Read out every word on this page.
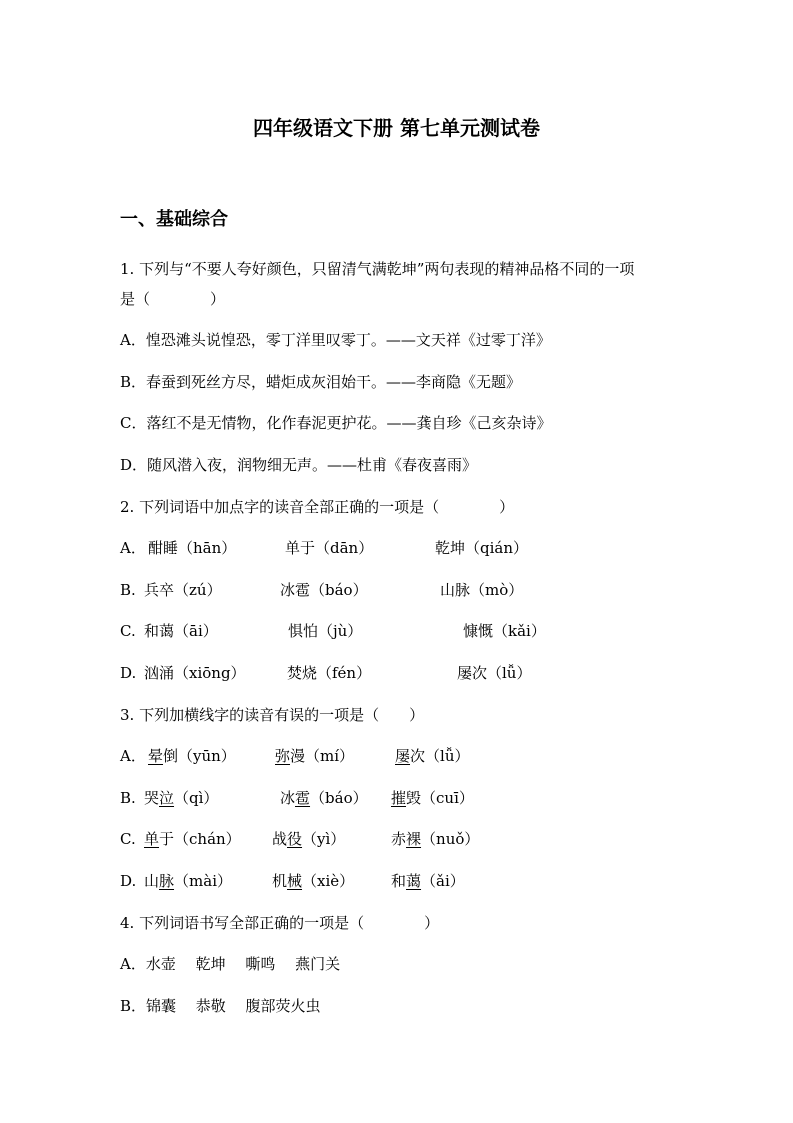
四年级语文下册 第七单元测试卷
一、基础综合
1. 下列与“不要人夸好颜色，只留清气满乾坤”两句表现的精神品格不同的一项
是（　　　　）
A．惶恐滩头说惶恐，零丁洋里叹零丁。——文天祥《过零丁洋》
B．春蚕到死丝方尽，蜡炬成灰泪始干。——李商隐《无题》
C．落红不是无情物，化作春泥更护花。——龚自珍《己亥杂诗》
D．随风潜入夜，润物细无声。——杜甫《春夜喜雨》
2. 下列词语中加点字的读音全部正确的一项是（　　　　）
A． 酣睡（hān）	单于（dān）	乾坤（qián）
B. 兵卒（zú）	冰雹（báo）	山脉（mò）
C. 和蔼（āi）	惧怕（jù）	慷慨（kǎi）
D. 汹涌（xiōng）	焚烧（fén）	屡次（lǚ）
3. 下列加横线字的读音有误的一项是（　　）
A． 晕倒（yūn）	弥漫（mí）	屡次（lǚ）
B. 哭泣（qì）	冰雹（báo） 摧毁（cuī）
C. 单于（chán） 战役（yì）	赤裸（nuǒ）
D. 山脉（mài）	机械（xiè） 和蔼（ǎi）
4. 下列词语书写全部正确的一项是（　　　　）
A．水壶　 乾坤　 嘶鸣　 燕门关
B．锦囊　 恭敬　 腹部荧火虫
